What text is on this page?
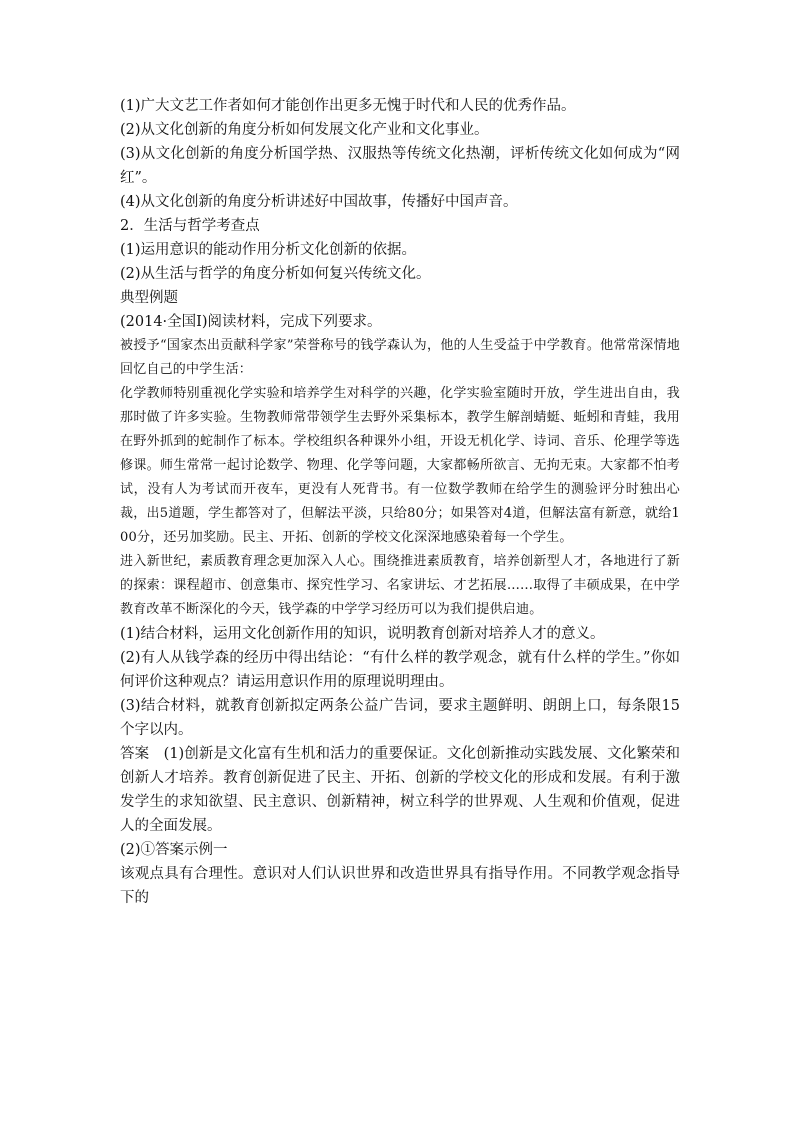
(1)广大文艺工作者如何才能创作出更多无愧于时代和人民的优秀作品。

(2)从文化创新的角度分析如何发展文化产业和文化事业。

(3)从文化创新的角度分析国学热、汉服热等传统文化热潮，评析传统文化如何成为“网红”。

(4)从文化创新的角度分析讲述好中国故事，传播好中国声音。

2．生活与哲学考查点

(1)运用意识的能动作用分析文化创新的依据。

(2)从生活与哲学的角度分析如何复兴传统文化。

典型例题

(2014·全国Ⅰ)阅读材料，完成下列要求。

被授予“国家杰出贡献科学家”荣誉称号的钱学森认为，他的人生受益于中学教育。他常常深情地回忆自己的中学生活：

化学教师特别重视化学实验和培养学生对科学的兴趣，化学实验室随时开放，学生进出自由，我那时做了许多实验。生物教师常带领学生去野外采集标本，教学生解剖蜻蜓、蚯蚓和青蛙，我用在野外抓到的蛇制作了标本。学校组织各种课外小组，开设无机化学、诗词、音乐、伦理学等选修课。师生常常一起讨论数学、物理、化学等问题，大家都畅所欲言、无拘无束。大家都不怕考试，没有人为考试而开夜车，更没有人死背书。有一位数学教师在给学生的测验评分时独出心裁，出5道题，学生都答对了，但解法平淡，只给80分；如果答对4道，但解法富有新意，就给100分，还另加奖励。民主、开拓、创新的学校文化深深地感染着每一个学生。

进入新世纪，素质教育理念更加深入人心。围绕推进素质教育，培养创新型人才，各地进行了新的探索：课程超市、创意集市、探究性学习、名家讲坛、才艺拓展……取得了丰硕成果，在中学教育改革不断深化的今天，钱学森的中学学习经历可以为我们提供启迪。

(1)结合材料，运用文化创新作用的知识，说明教育创新对培养人才的意义。

(2)有人从钱学森的经历中得出结论：“有什么样的教学观念，就有什么样的学生。”你如何评价这种观点？请运用意识作用的原理说明理由。

(3)结合材料，就教育创新拟定两条公益广告词，要求主题鲜明、朗朗上口，每条限15个字以内。

答案  (1)创新是文化富有生机和活力的重要保证。文化创新推动实践发展、文化繁荣和创新人才培养。教育创新促进了民主、开拓、创新的学校文化的形成和发展。有利于激发学生的求知欲望、民主意识、创新精神，树立科学的世界观、人生观和价值观，促进人的全面发展。

(2)①答案示例一

该观点具有合理性。意识对人们认识世界和改造世界具有指导作用。不同教学观念指导下的
